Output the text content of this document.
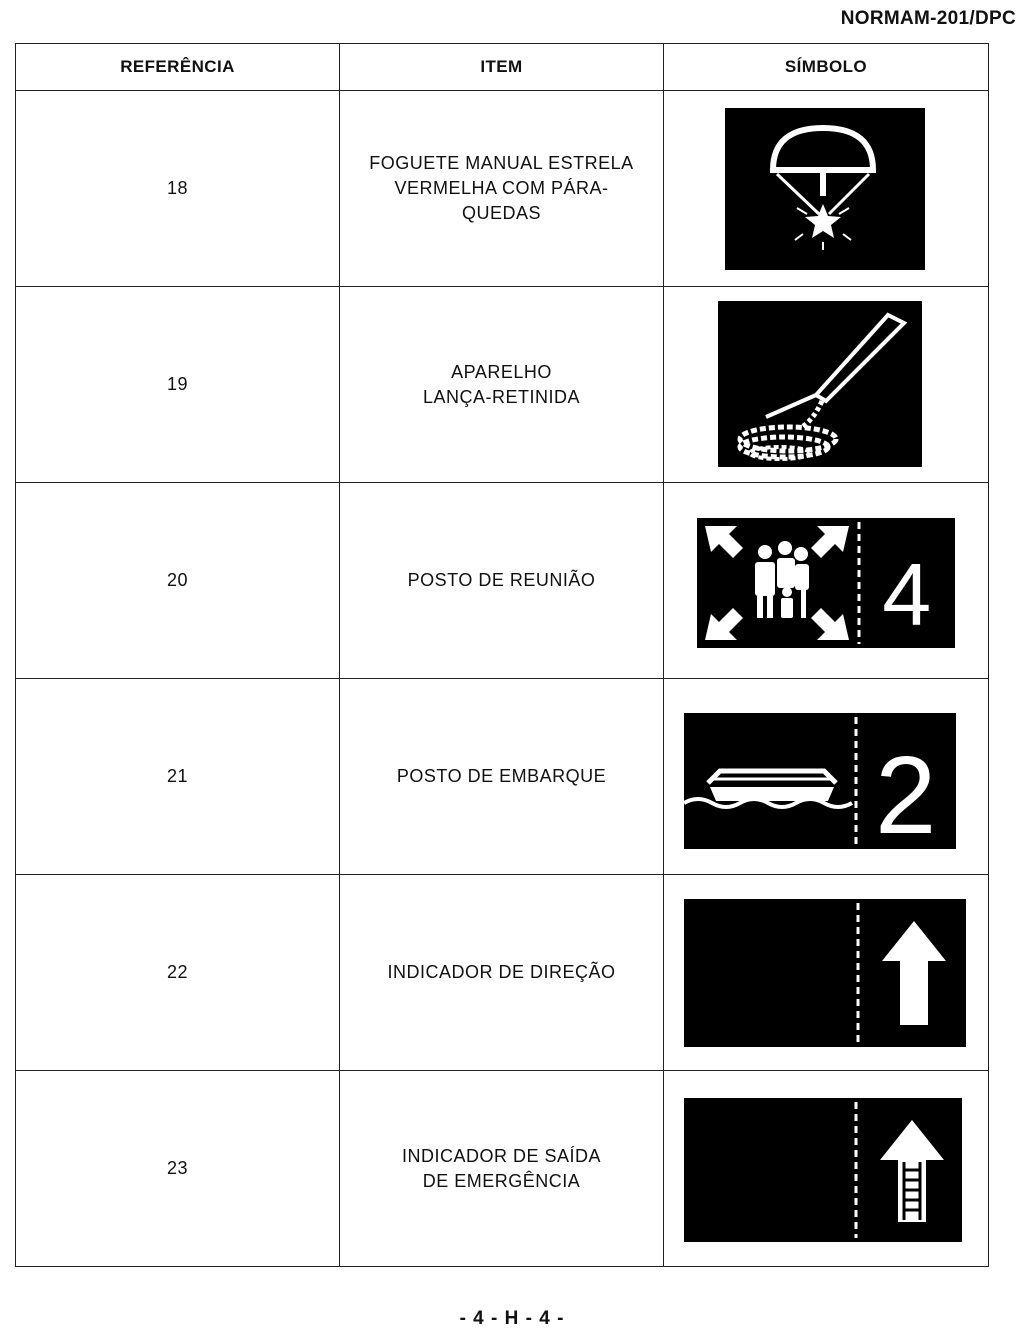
NORMAM-201/DPC
REFERÊNCIA	ITEM	SÍMBOLO
18	FOGUETE MANUAL ESTRELA
VERMELHA COM PÁRA-
QUEDAS

19	APARELHO
LANÇA-RETINIDA

20	POSTO DE REUNIÃO	4

21	POSTO DE EMBARQUE	2

22	INDICADOR DE DIREÇÃO

23	INDICADOR DE SAÍDA
DE EMERGÊNCIA

- 4 - H - 4 -
